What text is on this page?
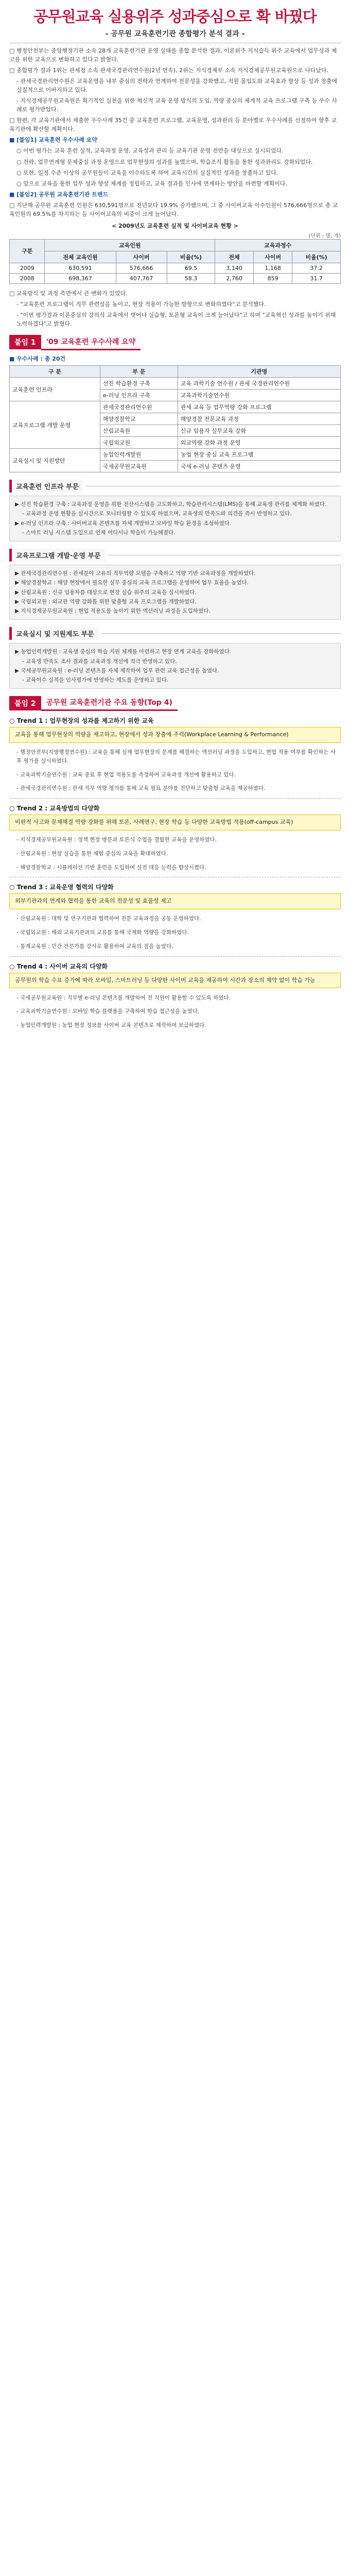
공무원교육 실용위주 성과중심으로 확 바꿨다
- 공무원 교육훈련기관 종합평가 분석 결과 -

□ 행정안전부는 중앙행정기관 소속 28개 교육훈련기관 운영 실태를 종합 분석한 결과, 이론위주 지식습득 위주 교육에서 업무성과 제고를 위한 교육으로 변화하고 있다고 밝혔다.

□ 종합평가 결과 1위는 관세청 소속 관세국경관리연수원(2년 연속), 2위는 지식경제부 소속 지식경제공무원교육원으로 나타났다.

- 관세국경관리연수원은 교육운영을 내부 중심의 전략과 연계하여 전문성을 강화했고, 직원 몰입도와 교육효과 향상 등 성과 창출에 실질적으로 이바지하고 있다.

- 지식경제공무원교육원은 획기적인 실천을 위한 혁신적 교육 운영 방식의 도입, 역량 중심의 체계적 교육 프로그램 구축 등 우수 사례로 평가받았다.

□ 한편, 각 교육기관에서 제출한 우수사례 35건 중 교육훈련 프로그램, 교육운영, 성과관리 등 분야별로 우수사례를 선정하여 향후 교육기관에 확산할 계획이다.

■ [붙임1] 교육훈련 우수사례 요약

○ 이번 평가는 교육 훈련 실적, 교육과정 운영, 교육성과 관리 등 교육기관 운영 전반을 대상으로 실시되었다.

○ 전략, 업무연계형 문제중심 과정 운영으로 업무현장의 성과를 높였으며, 학습조직 활동을 통한 성과관리도 강화되었다.

○ 또한, 일정 수준 이상의 공무원들이 교육을 이수하도록 하여 교육시간의 실질적인 성과를 창출하고 있다.

○ 앞으로 교육을 통한 업무 성과 향상 체계를 정립하고, 교육 결과를 인사에 연계하는 방안을 마련할 계획이다.

■ [붙임2] 공무원 교육훈련기관 트렌드

□ 지난해 공무원 교육훈련 인원은 630,591명으로 전년보다 19.9% 증가했으며, 그 중 사이버교육 이수인원이 576,666명으로 총 교육인원의 69.5%를 차지하는 등 사이버교육의 비중이 크게 늘어났다.

< 2009년도 교육훈련 실적 및 사이버교육 현황 >
(단위 : 명, 개)
구분	교육인원			교육과정수		
	전체 교육인원	사이버	비율(%)	전체	사이버	비율(%)
2009	630,591	576,666	69.5	3,140	1,168	37.2
2008	698,367	407,767	58.3	2,760	859	31.7

□ 교육방식 및 과정 측면에서 큰 변화가 있었다.

- "교육훈련 프로그램이 직무 관련성을 높이고, 현장 적용이 가능한 방향으로 변화하였다"고 분석했다.

- "이번 평가결과 이론중심의 강의식 교육에서 벗어나 실습형, 토론형 교육이 크게 늘어났다"고 하며 "교육혁신 성과를 높이기 위해 노력하겠다"고 밝혔다.

붙임 1	'09 교육훈련 우수사례 요약
■ 우수사례 : 총 20건
구 분	부 문	기관명
교육훈련 인프라	선진 학습환경 구축	교육 과학기술 연수원 / 관세 국경관리연수원
	e-러닝 인프라 구축	교육과학기술연수원
교육프로그램 개발 운영	관세국경관리연수원	관세 교육 등 업무역량 강화 프로그램
	해양경찰학교	해양경찰 전문교육 과정
	산림교육원	신규 임용자 실무교육 강화
	국립외교원	외교역량 강화 과정 운영
교육실시 및 지원방안	농업인력개발원	농업 현장 중심 교육 프로그램
	국세공무원교육원	국세 e-러닝 콘텐츠 운영
교육훈련 인프라 부문

▶ 선진 학습환경 구축 : 교육과정 운영을 위한 전산시스템을 고도화하고, 학습관리시스템(LMS)을 통해 교육생 관리를 체계화 하였다.

- 교육과정 운영 현황을 실시간으로 모니터링할 수 있도록 하였으며, 교육생의 만족도와 의견을 즉시 반영하고 있다.

▶ e-러닝 인프라 구축 : 사이버교육 콘텐츠를 자체 개발하고 모바일 학습 환경을 조성하였다.

- 스마트 러닝 시스템 도입으로 언제 어디서나 학습이 가능해졌다.

교육프로그램 개발·운영 부문

▶ 관세국경관리연수원 : 관세분야 고유의 직무역량 모델을 구축하고 역량 기반 교육과정을 개발하였다.

▶ 해양경찰학교 : 해양 현장에서 필요한 실무 중심의 교육 프로그램을 운영하여 업무 효율을 높였다.

▶ 산림교육원 : 신규 임용자를 대상으로 현장 실습 위주의 교육을 실시하였다.

▶ 국립외교원 : 외교관 역량 강화를 위한 맞춤형 교육 프로그램을 개발하였다.

▶ 지식경제공무원교육원 : 현업 적용도를 높이기 위한 액션러닝 과정을 도입하였다.

교육실시 및 지원제도 부문

▶ 농업인력개발원 : 교육생 중심의 학습 지원 체계를 마련하고 현장 연계 교육을 강화하였다.

- 교육생 만족도 조사 결과를 교육과정 개선에 적극 반영하고 있다.

▶ 국세공무원교육원 : e-러닝 콘텐츠를 자체 제작하여 업무 관련 교육 접근성을 높였다.

- 교육이수 실적을 인사평가에 반영하는 제도를 운영하고 있다.

붙임 2	공무원 교육훈련기관 주요 동향(Top 4)
○ Trend 1 : 업무현장의 성과를 제고하기 위한 교육
교육을 통해 업무현장의 역량을 제고하고, 현장에서 성과 창출에 주력(Workplace Learning & Performance)

- 행정안전부(지방행정연수원) : 교육을 통해 실제 업무현장의 문제를 해결하는 액션러닝 과정을 도입하고, 현업 적용 여부를 확인하는 사후 평가를 실시하였다.

- 교육과학기술연수원 : 교육 종료 후 현업 적용도를 측정하여 교육과정 개선에 활용하고 있다.

- 관세국경관리연수원 : 관세 직무 역량 평가를 통해 교육 필요 분야를 진단하고 맞춤형 교육을 제공하였다.

○ Trend 2 : 교육방법의 다양화
비판적 사고와 문제해결 역량 강화를 위해 토론, 사례연구, 현장 학습 등 다양한 교육방법 적용(off-campus 교육)

- 지식경제공무원교육원 : 정책 현장 방문과 토론식 수업을 결합한 교육을 운영하였다.

- 산림교육원 : 현장 실습을 통한 체험 중심의 교육을 확대하였다.

- 해양경찰학교 : 시뮬레이션 기반 훈련을 도입하여 실전 대응 능력을 향상시켰다.

○ Trend 3 : 교육운영 협력의 다양화
외부기관과의 연계와 협력을 통한 교육의 전문성 및 효율성 제고

- 산림교육원 : 대학 및 연구기관과 협력하여 전문 교육과정을 공동 운영하였다.

- 국립외교원 : 해외 교육기관과의 교류를 통해 국제화 역량을 강화하였다.

- 통계교육원 : 민간 전문가를 강사로 활용하여 교육의 질을 높였다.

○ Trend 4 : 사이버 교육의 다양화
공무원의 학습 수요 증가에 따라 모바일, 스마트러닝 등 다양한 사이버 교육을 제공하여 시간과 장소의 제약 없이 학습 가능

- 국세공무원교육원 : 직무별 e-러닝 콘텐츠를 개발하여 전 직원이 활용할 수 있도록 하였다.

- 교육과학기술연수원 : 모바일 학습 플랫폼을 구축하여 학습 접근성을 높였다.

- 농업인력개발원 : 농업 현장 정보를 사이버 교육 콘텐츠로 제작하여 보급하였다.
